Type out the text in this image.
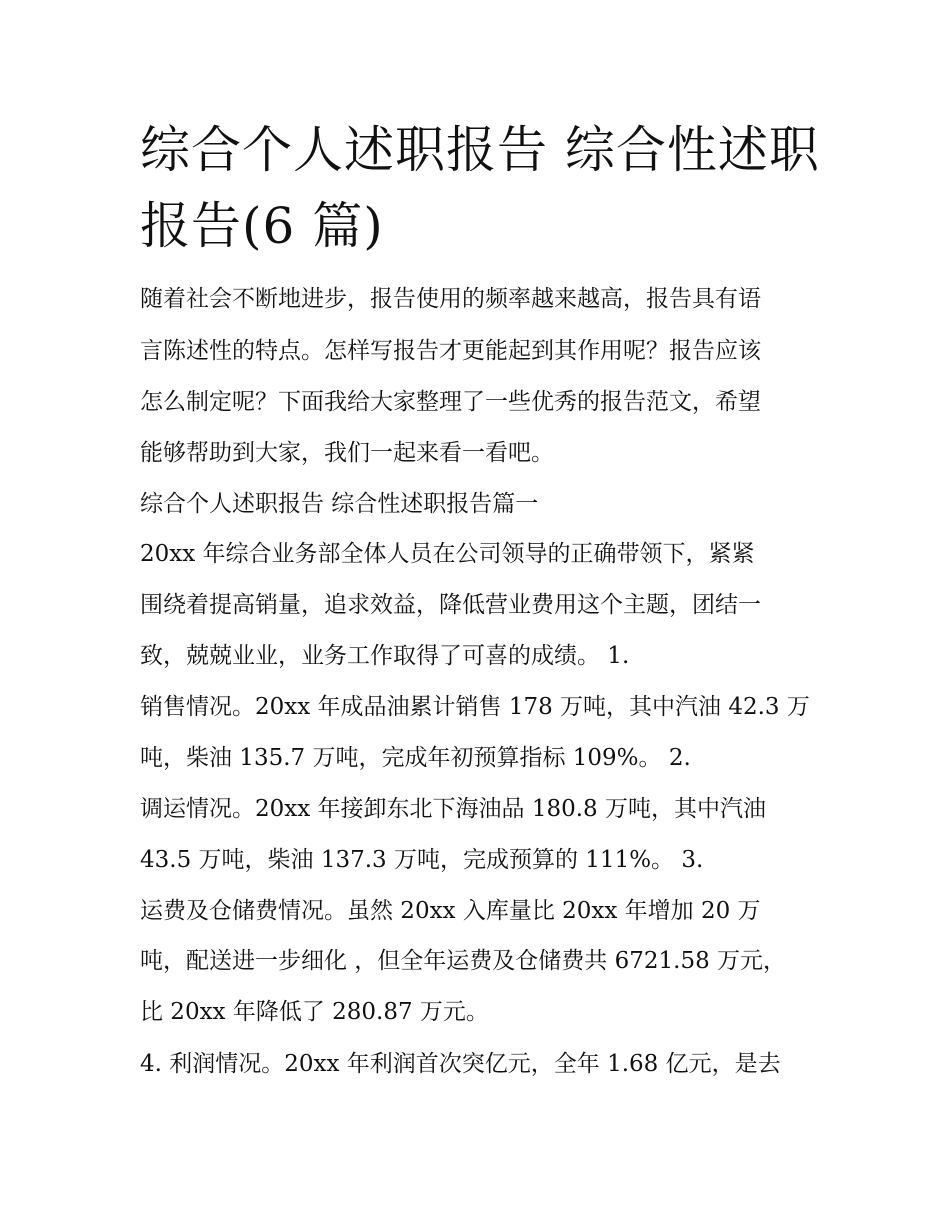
综合个人述职报告 综合性述职报告(6 篇)

随着社会不断地进步，报告使用的频率越来越高，报告具有语

言陈述性的特点。怎样写报告才更能起到其作用呢？报告应该

怎么制定呢？下面我给大家整理了一些优秀的报告范文，希望

能够帮助到大家，我们一起来看一看吧。

综合个人述职报告 综合性述职报告篇一

20xx 年综合业务部全体人员在公司领导的正确带领下，紧紧

围绕着提高销量，追求效益，降低营业费用这个主题，团结一

致，兢兢业业，业务工作取得了可喜的成绩。 1.

销售情况。20xx 年成品油累计销售 178 万吨，其中汽油 42.3 万

吨，柴油 135.7 万吨，完成年初预算指标 109%。 2.

调运情况。20xx 年接卸东北下海油品 180.8 万吨，其中汽油

43.5 万吨，柴油 137.3 万吨，完成预算的 111%。 3.

运费及仓储费情况。虽然 20xx 入库量比 20xx 年增加 20 万

吨，配送进一步细化 ，但全年运费及仓储费共 6721.58 万元，

比 20xx 年降低了 280.87 万元。

4. 利润情况。20xx 年利润首次突亿元，全年 1.68 亿元，是去
